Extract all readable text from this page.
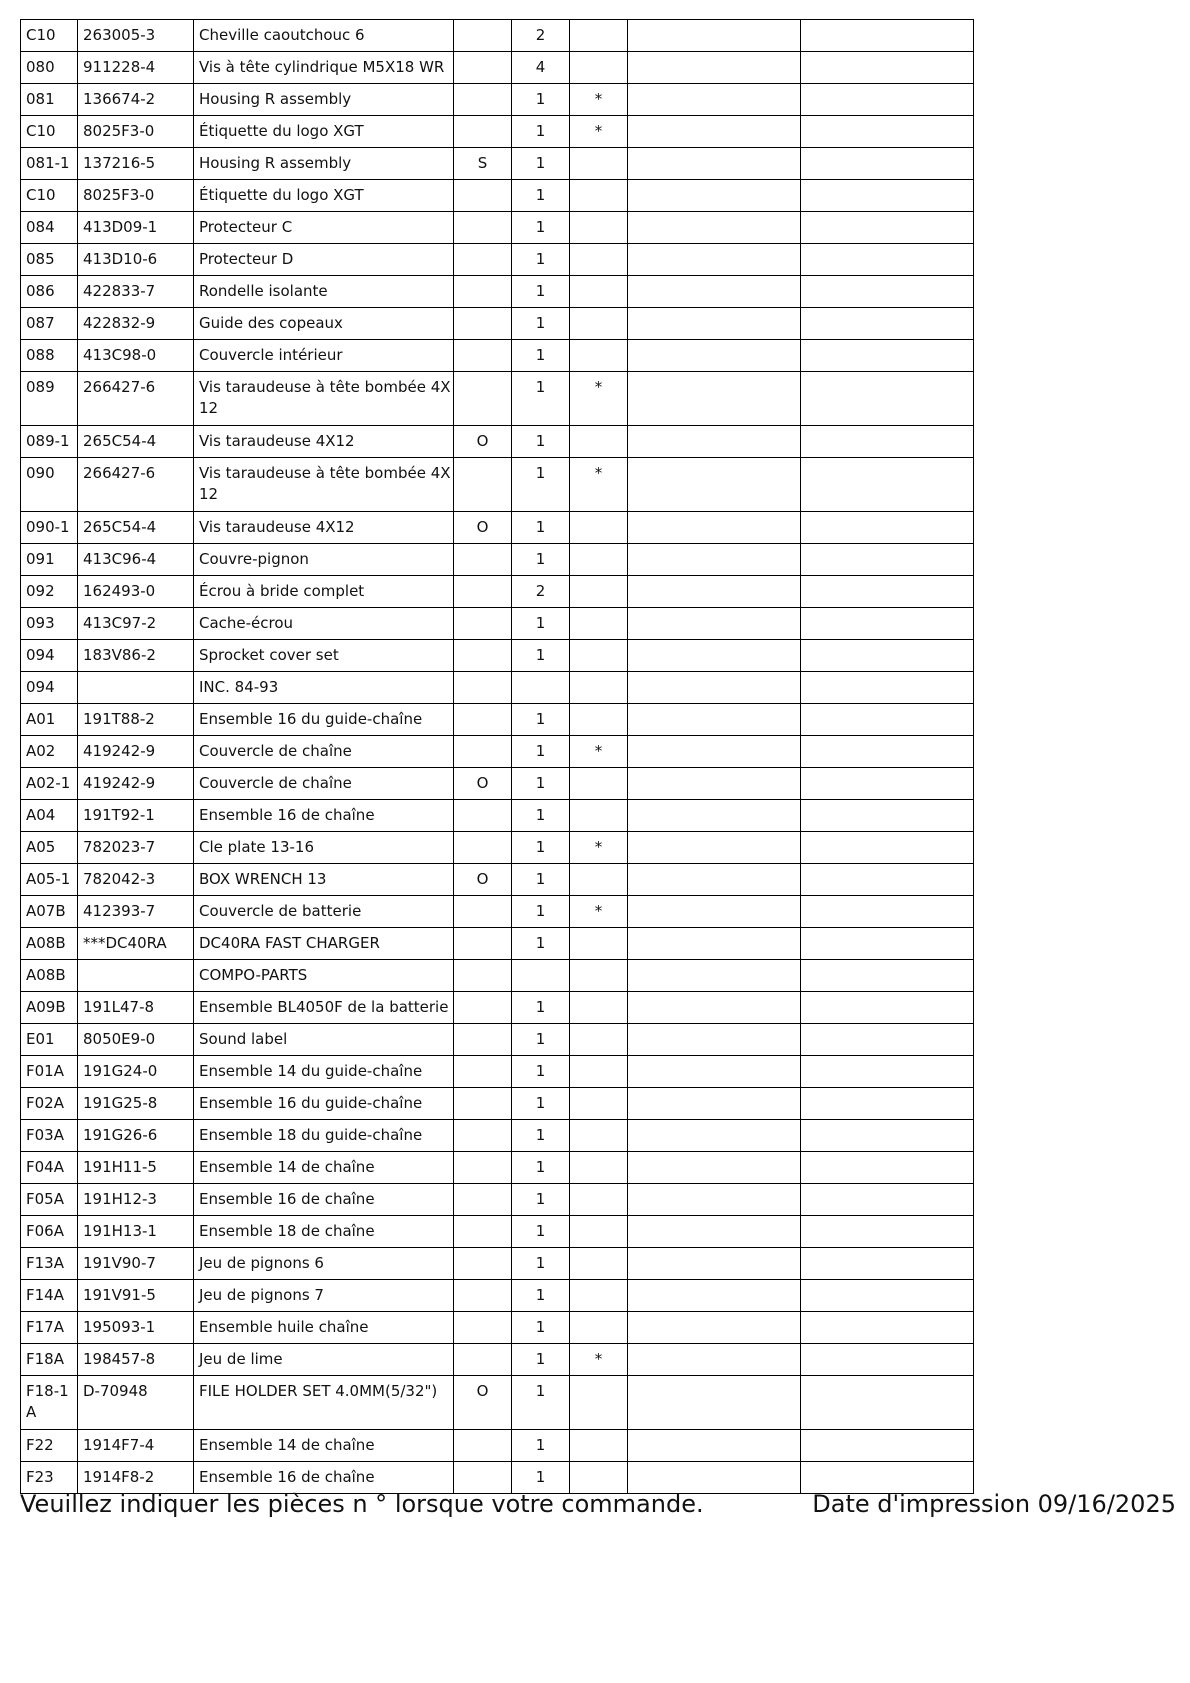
C10	263005-3	Cheville caoutchouc 6		2			
080	911228-4	Vis à tête cylindrique M5X18 WR		4			
081	136674-2	Housing R assembly		1	*		
C10	8025F3-0	Étiquette du logo XGT		1	*		
081-1	137216-5	Housing R assembly	S	1			
C10	8025F3-0	Étiquette du logo XGT		1			
084	413D09-1	Protecteur C		1			
085	413D10-6	Protecteur D		1			
086	422833-7	Rondelle isolante		1			
087	422832-9	Guide des copeaux		1			
088	413C98-0	Couvercle intérieur		1			
089	266427-6	Vis taraudeuse à tête bombée 4X 12		1	*		
089-1	265C54-4	Vis taraudeuse 4X12	O	1			
090	266427-6	Vis taraudeuse à tête bombée 4X 12		1	*		
090-1	265C54-4	Vis taraudeuse 4X12	O	1			
091	413C96-4	Couvre-pignon		1			
092	162493-0	Écrou à bride complet		2			
093	413C97-2	Cache-écrou		1			
094	183V86-2	Sprocket cover set		1			
094		INC. 84-93					
A01	191T88-2	Ensemble 16 du guide-chaîne		1			
A02	419242-9	Couvercle de chaîne		1	*		
A02-1	419242-9	Couvercle de chaîne	O	1			
A04	191T92-1	Ensemble 16 de chaîne		1			
A05	782023-7	Cle plate 13-16		1	*		
A05-1	782042-3	BOX WRENCH 13	O	1			
A07B	412393-7	Couvercle de batterie		1	*		
A08B	***DC40RA	DC40RA FAST CHARGER		1			
A08B		COMPO-PARTS					
A09B	191L47-8	Ensemble BL4050F de la batterie		1			
E01	8050E9-0	Sound label		1			
F01A	191G24-0	Ensemble 14 du guide-chaîne		1			
F02A	191G25-8	Ensemble 16 du guide-chaîne		1			
F03A	191G26-6	Ensemble 18 du guide-chaîne		1			
F04A	191H11-5	Ensemble 14 de chaîne		1			
F05A	191H12-3	Ensemble 16 de chaîne		1			
F06A	191H13-1	Ensemble 18 de chaîne		1			
F13A	191V90-7	Jeu de pignons 6		1			
F14A	191V91-5	Jeu de pignons 7		1			
F17A	195093-1	Ensemble huile chaîne		1			
F18A	198457-8	Jeu de lime		1	*		
F18-1 A	D-70948	FILE HOLDER SET 4.0MM(5/32")	O	1			
F22	1914F7-4	Ensemble 14 de chaîne		1			
F23	1914F8-2	Ensemble 16 de chaîne		1			
Veuillez indiquer les pièces n ° lorsque votre commande.	Date d'impression 09/16/2025
